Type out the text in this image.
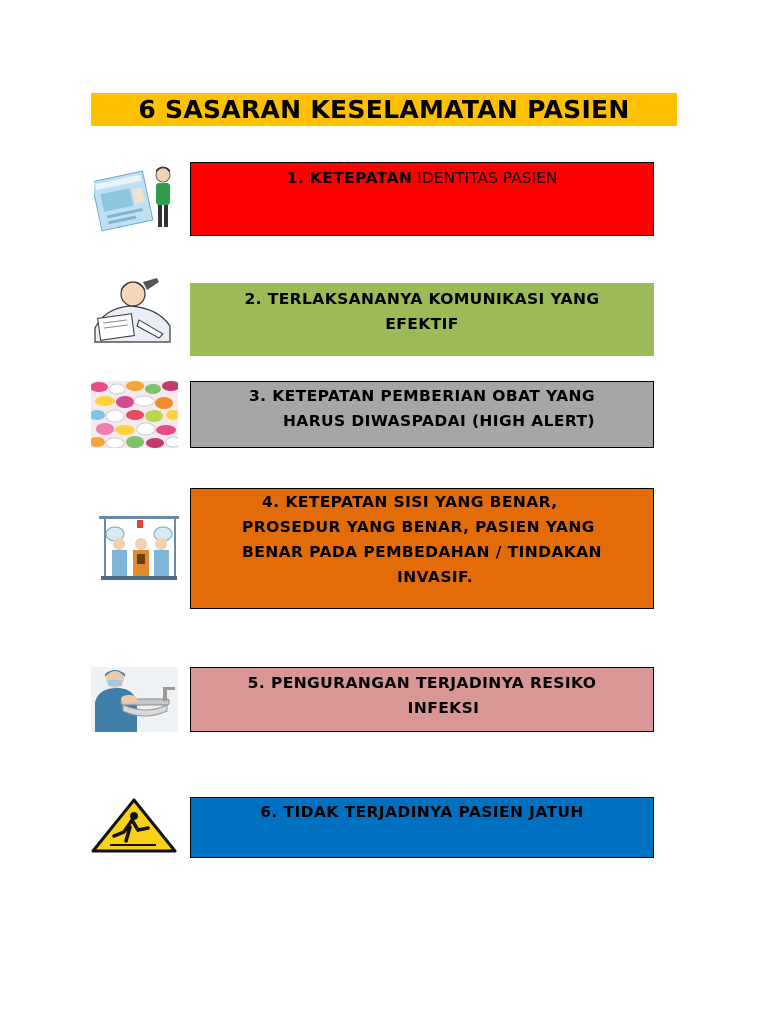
6 SASARAN KESELAMATAN PASIEN
1. KETEPATAN IDENTITAS PASIEN
2. TERLAKSANANYA KOMUNIKASI YANG
EFEKTIF
3. KETEPATAN PEMBERIAN OBAT YANG
HARUS DIWASPADAI (HIGH ALERT)
4. KETEPATAN SISI YANG BENAR,
PROSEDUR YANG BENAR, PASIEN YANG
BENAR PADA PEMBEDAHAN / TINDAKAN
INVASIF.
5. PENGURANGAN TERJADINYA RESIKO
INFEKSI
6. TIDAK TERJADINYA PASIEN JATUH
